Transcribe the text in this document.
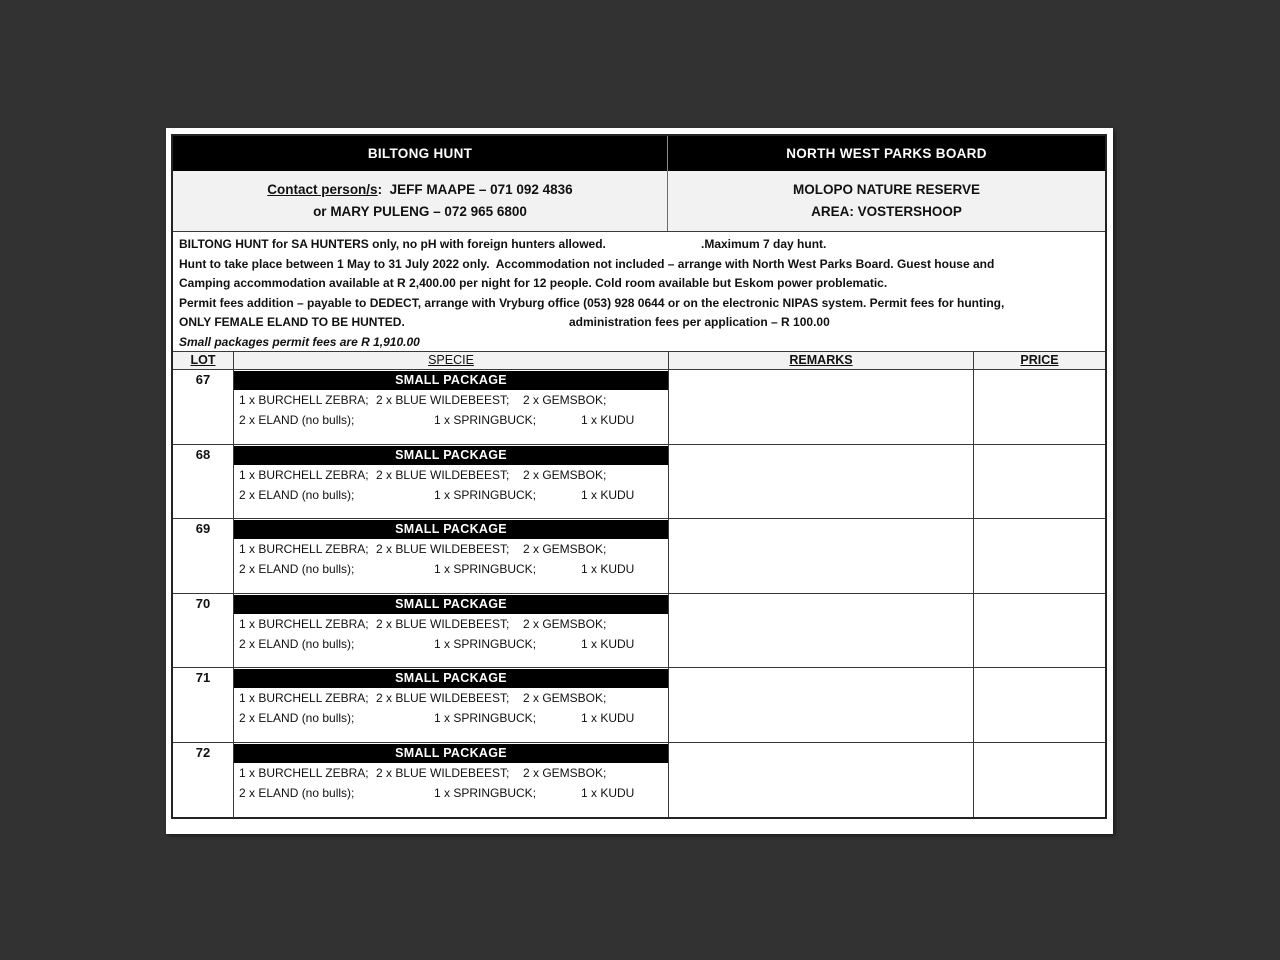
BILTONG HUNT	NORTH WEST PARKS BOARD
Contact person/s:  JEFF MAAPE – 071 092 4836
or MARY PULENG – 072 965 6800
MOLOPO NATURE RESERVE
AREA: VOSTERSHOOP
BILTONG HUNT for SA HUNTERS only, no pH with foreign hunters allowed.	.Maximum 7 day hunt.
Hunt to take place between 1 May to 31 July 2022 only.  Accommodation not included – arrange with North West Parks Board. Guest house and
Camping accommodation available at R 2,400.00 per night for 12 people. Cold room available but Eskom power problematic.
Permit fees addition – payable to DEDECT, arrange with Vryburg office (053) 928 0644 or on the electronic NIPAS system. Permit fees for hunting,
ONLY FEMALE ELAND TO BE HUNTED.	administration fees per application – R 100.00
Small packages permit fees are R 1,910.00
LOT	SPECIE	REMARKS	PRICE
67	SMALL PACKAGE
1 x BURCHELL ZEBRA; 2 x BLUE WILDEBEEST; 2 x GEMSBOK;
2 x ELAND (no bulls);	1 x SPRINGBUCK;	1 x KUDU
68	SMALL PACKAGE
1 x BURCHELL ZEBRA; 2 x BLUE WILDEBEEST; 2 x GEMSBOK;
2 x ELAND (no bulls);	1 x SPRINGBUCK;	1 x KUDU
69	SMALL PACKAGE
1 x BURCHELL ZEBRA; 2 x BLUE WILDEBEEST; 2 x GEMSBOK;
2 x ELAND (no bulls);	1 x SPRINGBUCK;	1 x KUDU
70	SMALL PACKAGE
1 x BURCHELL ZEBRA; 2 x BLUE WILDEBEEST; 2 x GEMSBOK;
2 x ELAND (no bulls);	1 x SPRINGBUCK;	1 x KUDU
71	SMALL PACKAGE
1 x BURCHELL ZEBRA; 2 x BLUE WILDEBEEST; 2 x GEMSBOK;
2 x ELAND (no bulls);	1 x SPRINGBUCK;	1 x KUDU
72	SMALL PACKAGE
1 x BURCHELL ZEBRA; 2 x BLUE WILDEBEEST; 2 x GEMSBOK;
2 x ELAND (no bulls);	1 x SPRINGBUCK;	1 x KUDU
